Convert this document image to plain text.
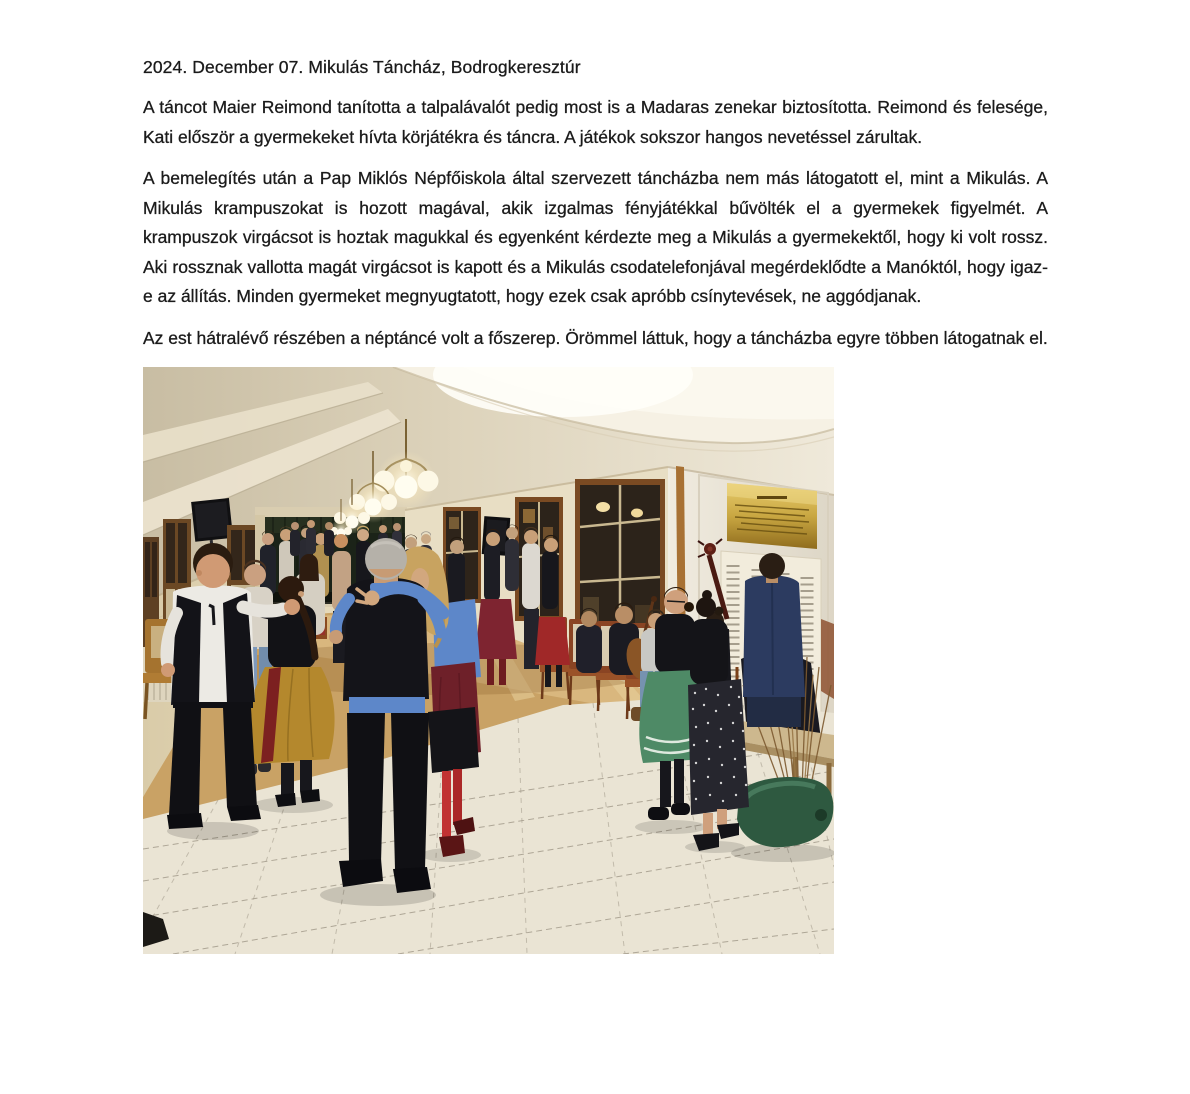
2024. December 07. Mikulás Táncház, Bodrogkeresztúr

A táncot Maier Reimond tanította a talpalávalót pedig most is a Madaras zenekar biztosította. Reimond és felesége, Kati először a gyermekeket hívta körjátékra és táncra. A játékok sokszor hangos nevetéssel zárultak.

A bemelegítés után a Pap Miklós Népfőiskola által szervezett táncházba nem más látogatott el, mint a Mikulás. A Mikulás krampuszokat is hozott magával, akik izgalmas fényjátékkal bűvölték el a gyermekek figyelmét. A krampuszok virgácsot is hoztak magukkal és egyenként kérdezte meg a Mikulás a gyermekektől, hogy ki volt rossz. Aki rossznak vallotta magát virgácsot is kapott és a Mikulás csodatelefonjával megérdeklődte a Manóktól, hogy igaz-e az állítás. Minden gyermeket megnyugtatott, hogy ezek csak apróbb csínytevések, ne aggódjanak.

Az est hátralévő részében a néptáncé volt a főszerep. Örömmel láttuk, hogy a táncházba egyre többen látogatnak el.
